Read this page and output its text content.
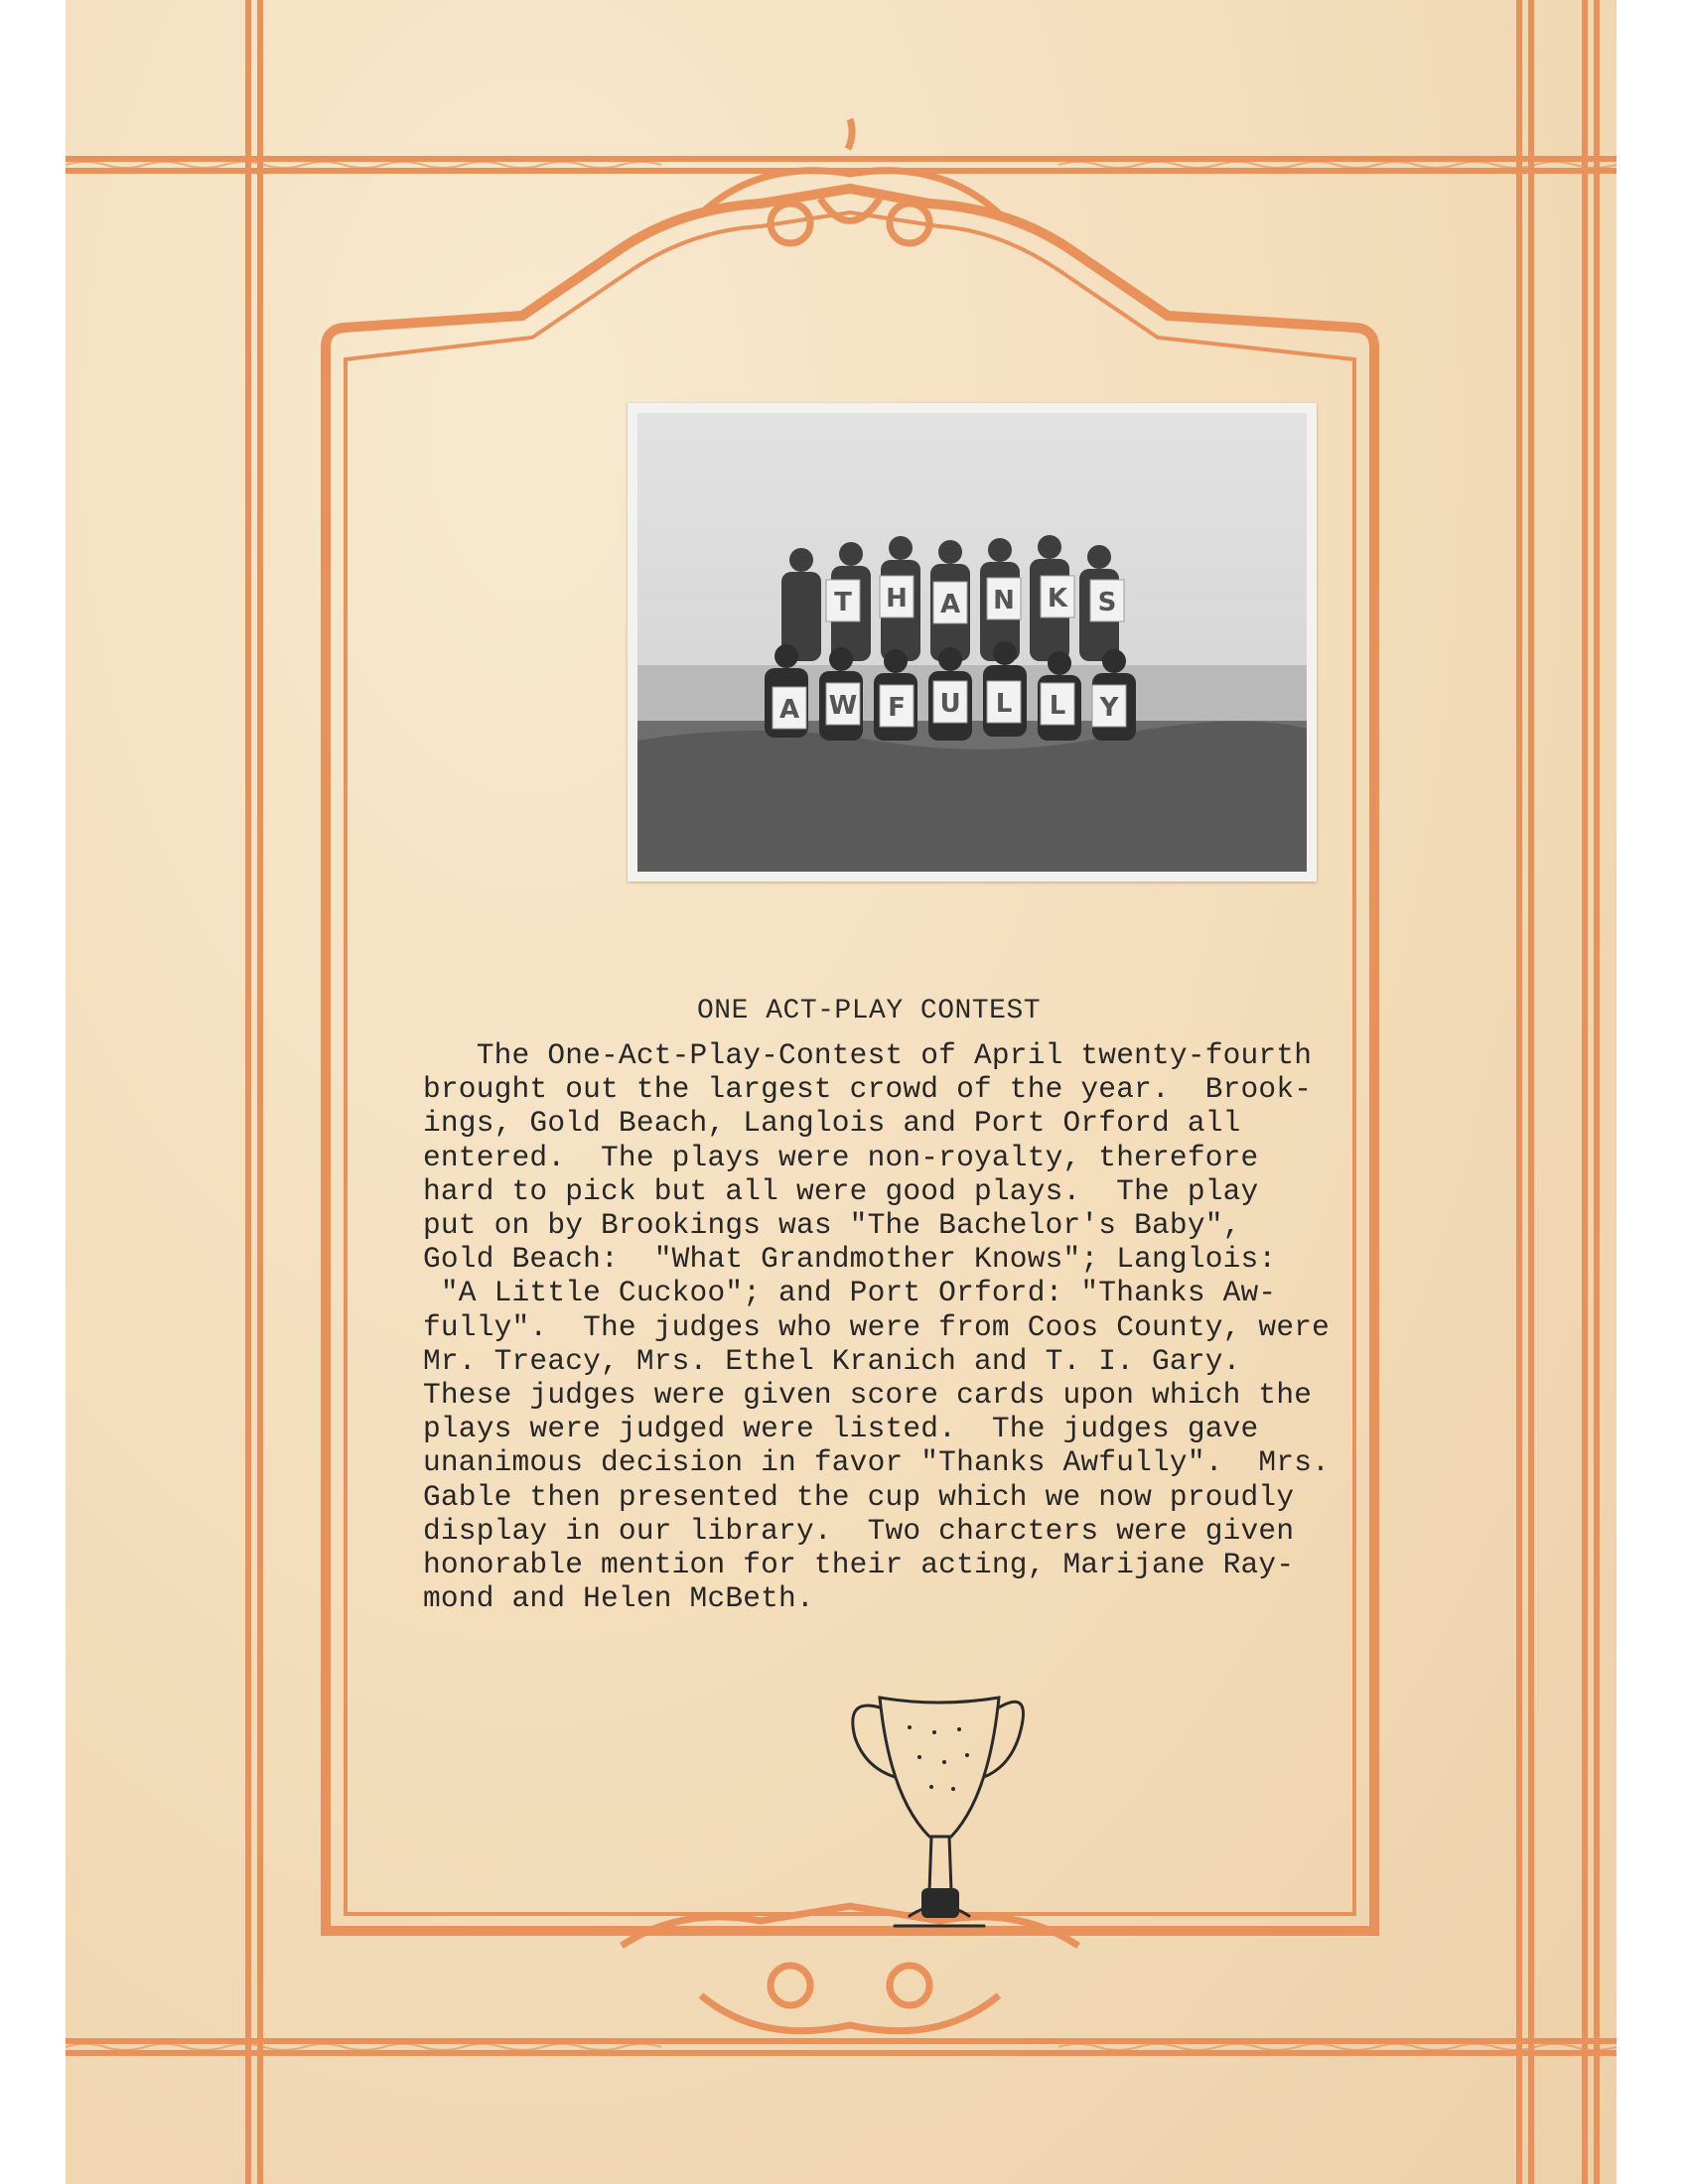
T H A N K S
A W F U L L Y
ONE ACT-PLAY CONTEST
The One-Act-Play-Contest of April twenty-fourth
brought out the largest crowd of the year.  Brook-
ings, Gold Beach, Langlois and Port Orford all
entered.  The plays were non-royalty, therefore
hard to pick but all were good plays.  The play
put on by Brookings was "The Bachelor's Baby",
Gold Beach:  "What Grandmother Knows"; Langlois:
"A Little Cuckoo"; and Port Orford: "Thanks Aw-
fully".  The judges who were from Coos County, were
Mr. Treacy, Mrs. Ethel Kranich and T. I. Gary.
These judges were given score cards upon which the
plays were judged were listed.  The judges gave
unanimous decision in favor "Thanks Awfully".  Mrs.
Gable then presented the cup which we now proudly
display in our library.  Two charcters were given
honorable mention for their acting, Marijane Ray-
mond and Helen McBeth.
